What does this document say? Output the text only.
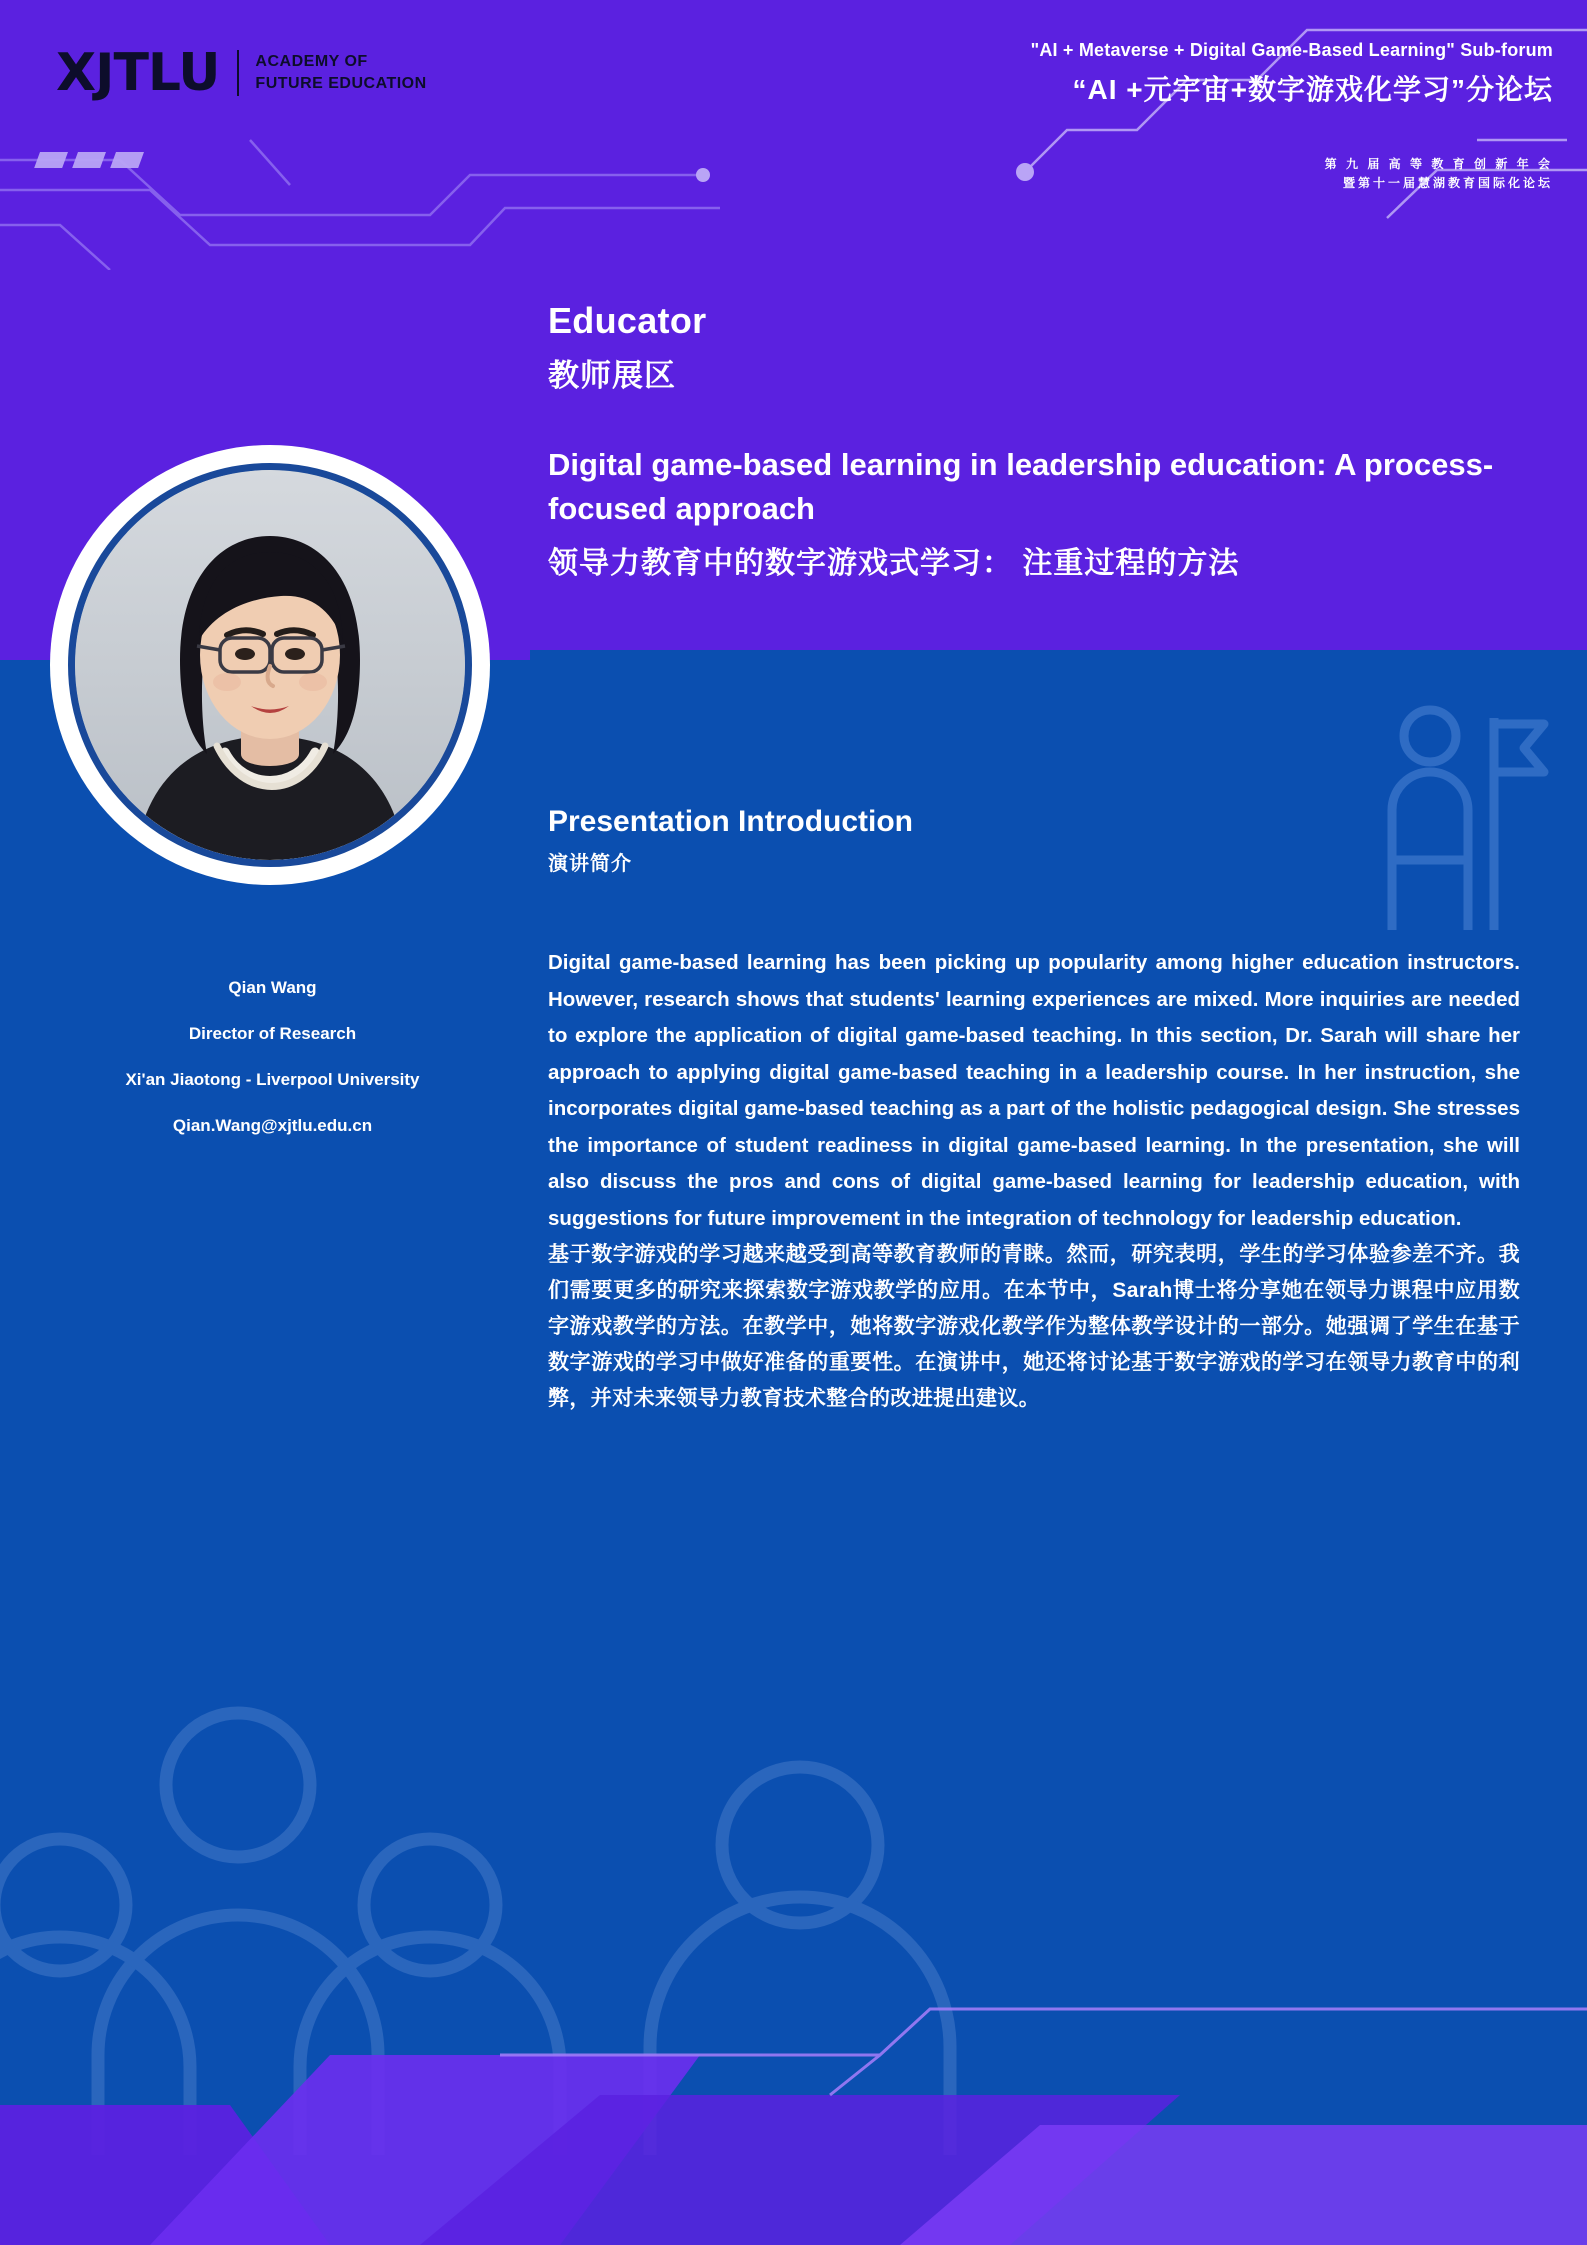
XJTLU ACADEMY OF
FUTURE EDUCATION
"AI + Metaverse + Digital Game-Based Learning" Sub-forum
“AI +元宇宙+数字游戏化学习”分论坛
第 九 届 高 等 教 育 创 新 年 会
暨第十一届慧湖教育国际化论坛
Educator
教师展区
Digital game-based learning in leadership education: A process-focused approach
领导力教育中的数字游戏式学习： 注重过程的方法
Qian Wang
Director of Research
Xi'an Jiaotong - Liverpool University
Qian.Wang@xjtlu.edu.cn
Presentation Introduction
演讲简介

Digital game-based learning has been picking up popularity among higher education instructors. However, research shows that students' learning experiences are mixed. More inquiries are needed to explore the application of digital game-based teaching. In this section, Dr. Sarah will share her approach to applying digital game-based teaching in a leadership course. In her instruction, she incorporates digital game-based teaching as a part of the holistic pedagogical design. She stresses the importance of student readiness in digital game-based learning. In the presentation, she will also discuss the pros and cons of digital game-based learning for leadership education, with suggestions for future improvement in the integration of technology for leadership education.

基于数字游戏的学习越来越受到高等教育教师的青睐。然而，研究表明，学生的学习体验参差不齐。我们需要更多的研究来探索数字游戏教学的应用。在本节中，Sarah博士将分享她在领导力课程中应用数字游戏教学的方法。在教学中，她将数字游戏化教学作为整体教学设计的一部分。她强调了学生在基于数字游戏的学习中做好准备的重要性。在演讲中，她还将讨论基于数字游戏的学习在领导力教育中的利弊，并对未来领导力教育技术整合的改进提出建议。
